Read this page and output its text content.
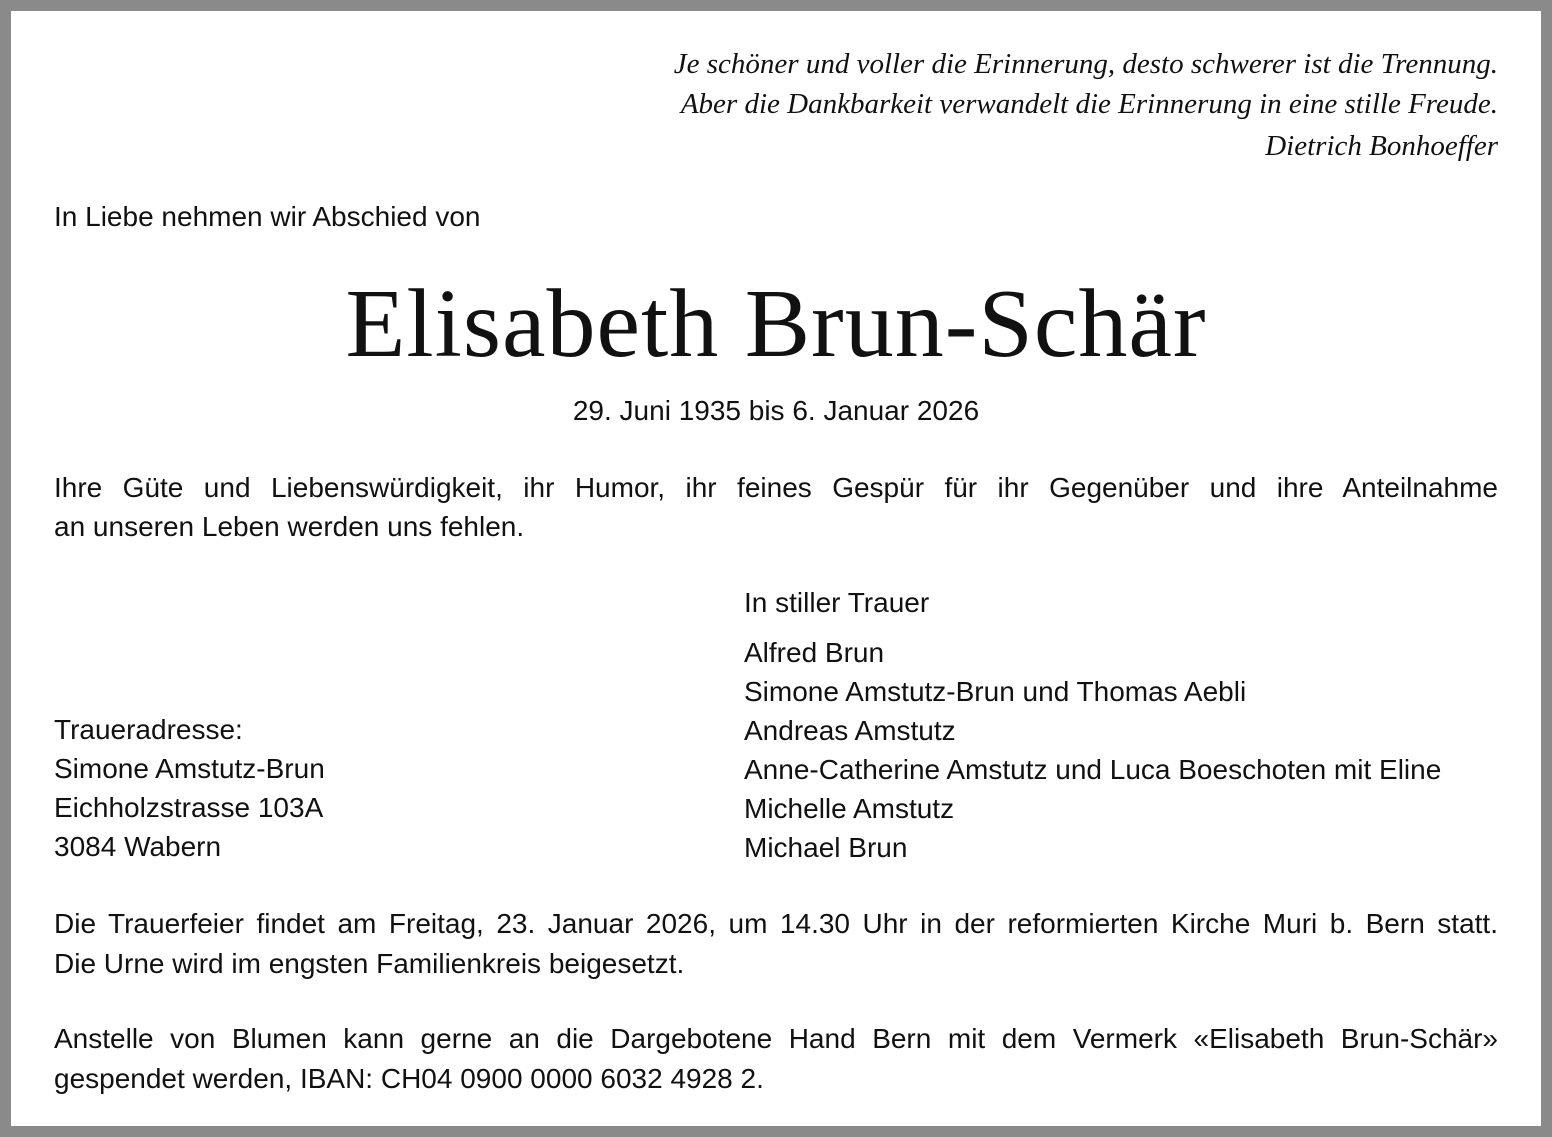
Je schöner und voller die Erinnerung, desto schwerer ist die Trennung.
Aber die Dankbarkeit verwandelt die Erinnerung in eine stille Freude.
Dietrich Bonhoeffer
In Liebe nehmen wir Abschied von
Elisabeth Brun-Schär
29. Juni 1935 bis 6. Januar 2026
Ihre Güte und Liebenswürdigkeit, ihr Humor, ihr feines Gespür für ihr Gegenüber und ihre Anteilnahme
an unseren Leben werden uns fehlen.
In stiller Trauer
Alfred Brun
Simone Amstutz-Brun und Thomas Aebli
Andreas Amstutz
Anne-Catherine Amstutz und Luca Boeschoten mit Eline
Michelle Amstutz
Michael Brun
Traueradresse:
Simone Amstutz-Brun
Eichholzstrasse 103A
3084 Wabern
Die Trauerfeier findet am Freitag, 23. Januar 2026, um 14.30 Uhr in der reformierten Kirche Muri b. Bern statt.
Die Urne wird im engsten Familienkreis beigesetzt.
Anstelle von Blumen kann gerne an die Dargebotene Hand Bern mit dem Vermerk «Elisabeth Brun-Schär»
gespendet werden, IBAN: CH04 0900 0000 6032 4928 2.
